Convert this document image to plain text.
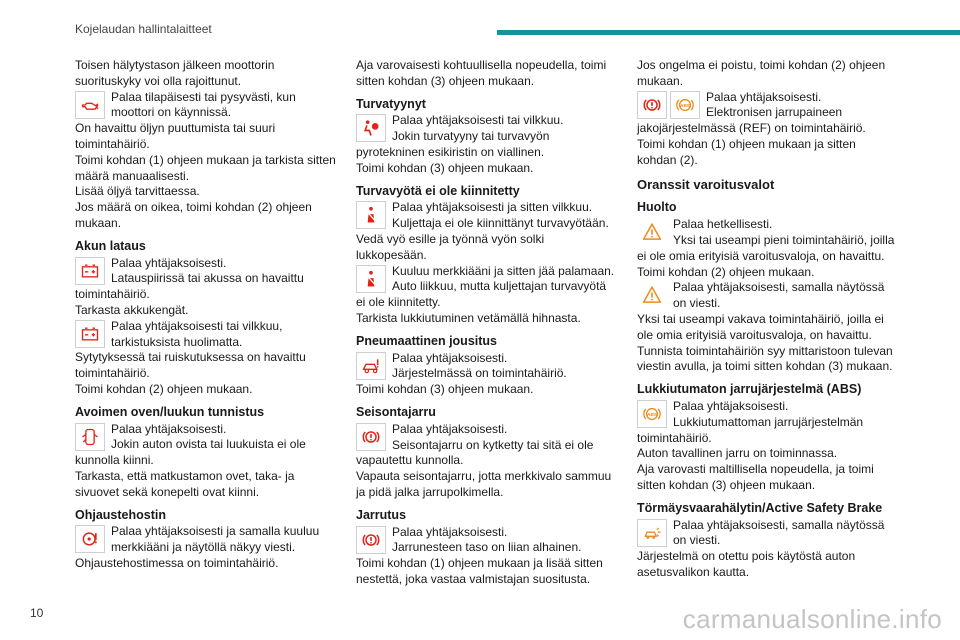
Kojelaudan hallintalaitteet

Toisen hälytystason jälkeen moottorin

suorituskyky voi olla rajoittunut.

Palaa tilapäisesti tai pysyvästi, kun

moottori on käynnissä.

On havaittu öljyn puuttumista tai suuri

toimintahäiriö.

Toimi kohdan (1) ohjeen mukaan ja tarkista sitten

määrä manuaalisesti.

Lisää öljyä tarvittaessa.

Jos määrä on oikea, toimi kohdan (2) ohjeen

mukaan.

Akun lataus

Palaa yhtäjaksoisesti.

Latauspiirissä tai akussa on havaittu

toimintahäiriö.

Tarkasta akkukengät.

Palaa yhtäjaksoisesti tai vilkkuu,

tarkistuksista huolimatta.

Sytytyksessä tai ruiskutuksessa on havaittu

toimintahäiriö.

Toimi kohdan (2) ohjeen mukaan.

Avoimen oven/luukun tunnistus

Palaa yhtäjaksoisesti.

Jokin auton ovista tai luukuista ei ole

kunnolla kiinni.

Tarkasta, että matkustamon ovet, taka- ja

sivuovet sekä konepelti ovat kiinni.

Ohjaustehostin

Palaa yhtäjaksoisesti ja samalla kuuluu

merkkiääni ja näytöllä näkyy viesti.

Ohjaustehostimessa on toimintahäiriö.

Aja varovaisesti kohtuullisella nopeudella, toimi

sitten kohdan (3) ohjeen mukaan.

Turvatyynyt

Palaa yhtäjaksoisesti tai vilkkuu.

Jokin turvatyyny tai turvavyön

pyrotekninen esikiristin on viallinen.

Toimi kohdan (3) ohjeen mukaan.

Turvavyötä ei ole kiinnitetty

Palaa yhtäjaksoisesti ja sitten vilkkuu.

Kuljettaja ei ole kiinnittänyt turvavyötään.

Vedä vyö esille ja työnnä vyön solki

lukkopesään.

Kuuluu merkkiääni ja sitten jää palamaan.

Auto liikkuu, mutta kuljettajan turvavyötä

ei ole kiinnitetty.

Tarkista lukkiutuminen vetämällä hihnasta.

Pneumaattinen jousitus

Palaa yhtäjaksoisesti.

Järjestelmässä on toimintahäiriö.

Toimi kohdan (3) ohjeen mukaan.

Seisontajarru

Palaa yhtäjaksoisesti.

Seisontajarru on kytketty tai sitä ei ole

vapautettu kunnolla.

Vapauta seisontajarru, jotta merkkivalo sammuu

ja pidä jalka jarrupolkimella.

Jarrutus

Palaa yhtäjaksoisesti.

Jarrunesteen taso on liian alhainen.

Toimi kohdan (1) ohjeen mukaan ja lisää sitten

nestettä, joka vastaa valmistajan suositusta.

Jos ongelma ei poistu, toimi kohdan (2) ohjeen

mukaan.

ABS

Palaa yhtäjaksoisesti.

Elektronisen jarrupaineen

jakojärjestelmässä (REF) on toimintahäiriö.

Toimi kohdan (1) ohjeen mukaan ja sitten

kohdan (2).

Oranssit varoitusvalot

Huolto

Palaa hetkellisesti.

Yksi tai useampi pieni toimintahäiriö, joilla

ei ole omia erityisiä varoitusvaloja, on havaittu.

Toimi kohdan (2) ohjeen mukaan.

Palaa yhtäjaksoisesti, samalla näytössä

on viesti.

Yksi tai useampi vakava toimintahäiriö, joilla ei

ole omia erityisiä varoitusvaloja, on havaittu.

Tunnista toimintahäiriön syy mittaristoon tulevan

viestin avulla, ja toimi sitten kohdan (3) mukaan.

Lukkiutumaton jarrujärjestelmä (ABS)

ABS

Palaa yhtäjaksoisesti.

Lukkiutumattoman jarrujärjestelmän

toimintahäiriö.

Auton tavallinen jarru on toiminnassa.

Aja varovasti maltillisella nopeudella, ja toimi

sitten kohdan (3) ohjeen mukaan.

Törmäysvaarahälytin/Active Safety Brake

Palaa yhtäjaksoisesti, samalla näytössä

on viesti.

Järjestelmä on otettu pois käytöstä auton

asetusvalikon kautta.

10	carmanualsonline.info
